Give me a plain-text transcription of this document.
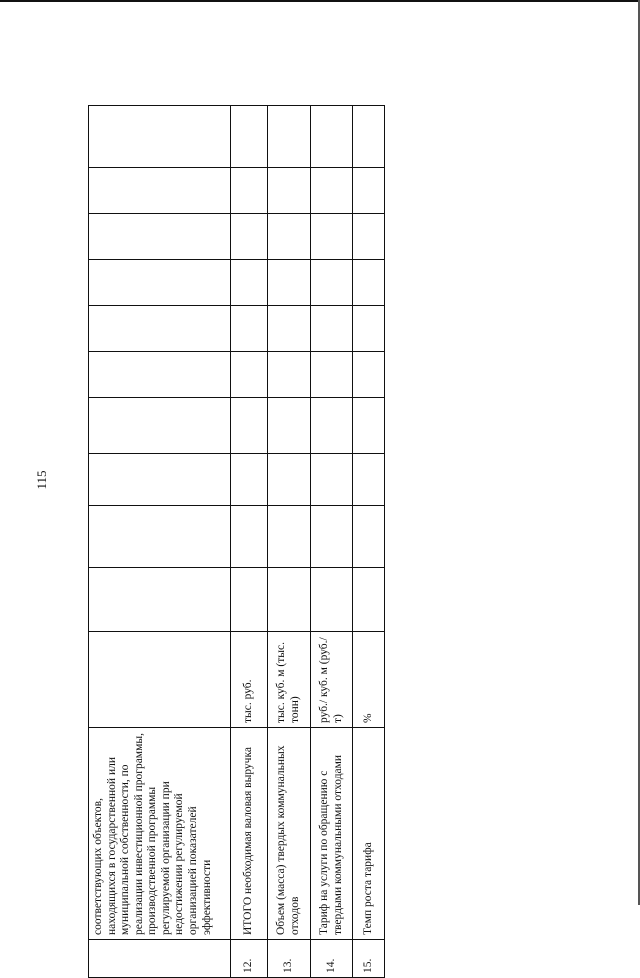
115
	соответствующих объектов, находящихся в государственной или муниципальной собственности, по реализации инвестиционной программы, производственной программы регулируемой организации при недостижении регулируемой организацией показателей эффективности											
12.	ИТОГО необходимая валовая выручка	тыс. руб.										
13.	Объем (масса) твердых коммунальных отходов	тыс. куб. м (тыс. тонн)										
14.	Тариф на услуги по обращению с твердыми коммунальными отходами	руб./ куб. м (руб./ т)										
15.	Темп роста тарифа	%										
